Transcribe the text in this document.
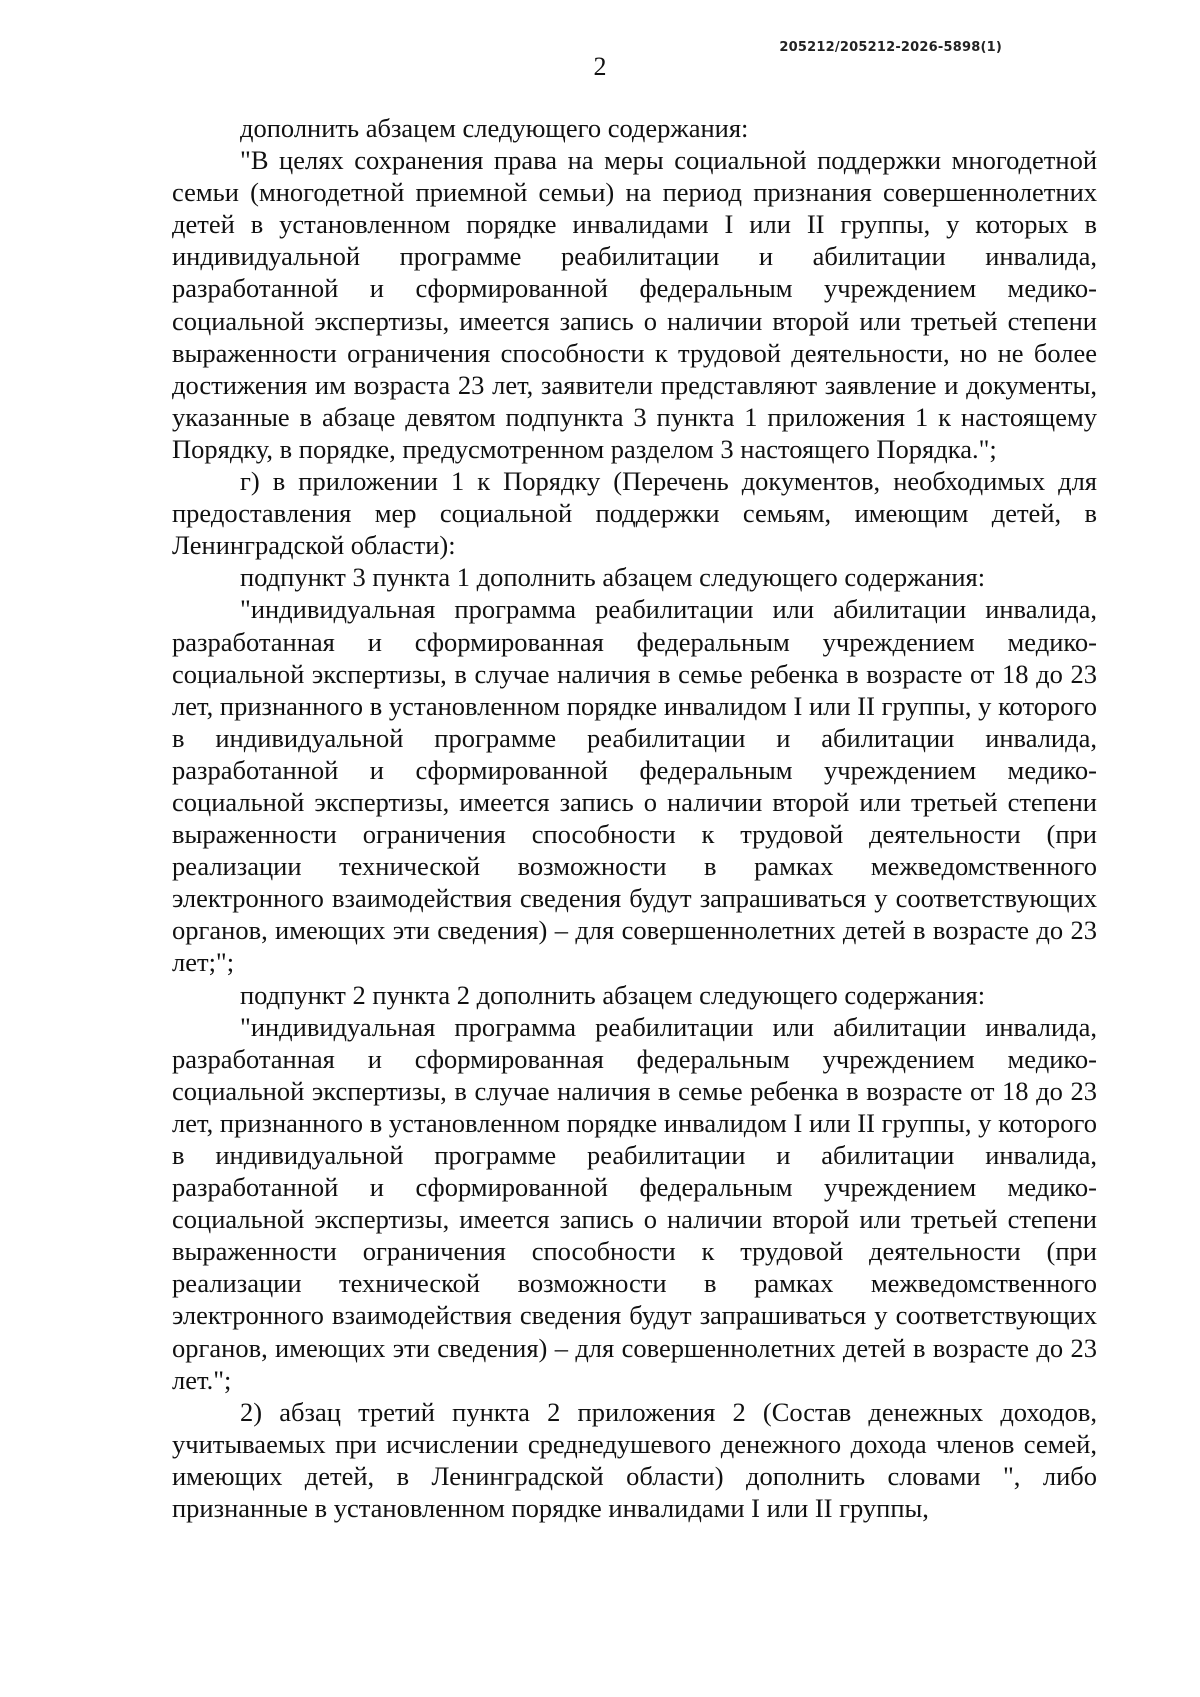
205212/205212-2026-5898(1)
2

дополнить абзацем следующего содержания:

"В целях сохранения права на меры социальной поддержки многодетной семьи (многодетной приемной семьи) на период признания совершеннолетних детей в установленном порядке инвалидами I или II группы, у которых в индивидуальной программе реабилитации и абилитации инвалида, разработанной и сформированной федеральным учреждением медико-социальной экспертизы, имеется запись о наличии второй или третьей степени выраженности ограничения способности к трудовой деятельности, но не более достижения им возраста 23 лет, заявители представляют заявление и документы, указанные в абзаце девятом подпункта 3 пункта 1 приложения 1 к настоящему Порядку, в порядке, предусмотренном разделом 3 настоящего Порядка.";

г) в приложении 1 к Порядку (Перечень документов, необходимых для предоставления мер социальной поддержки семьям, имеющим детей, в Ленинградской области):

подпункт 3 пункта 1 дополнить абзацем следующего содержания:

"индивидуальная программа реабилитации или абилитации инвалида, разработанная и сформированная федеральным учреждением медико-социальной экспертизы, в случае наличия в семье ребенка в возрасте от 18 до 23 лет, признанного в установленном порядке инвалидом I или II группы, у которого в индивидуальной программе реабилитации и абилитации инвалида, разработанной и сформированной федеральным учреждением медико-социальной экспертизы, имеется запись о наличии второй или третьей степени выраженности ограничения способности к трудовой деятельности (при реализации технической возможности в рамках межведомственного электронного взаимодействия сведения будут запрашиваться у соответствующих органов, имеющих эти сведения) – для совершеннолетних детей в возрасте до 23 лет;";

подпункт 2 пункта 2 дополнить абзацем следующего содержания:

"индивидуальная программа реабилитации или абилитации инвалида, разработанная и сформированная федеральным учреждением медико-социальной экспертизы, в случае наличия в семье ребенка в возрасте от 18 до 23 лет, признанного в установленном порядке инвалидом I или II группы, у которого в индивидуальной программе реабилитации и абилитации инвалида, разработанной и сформированной федеральным учреждением медико-социальной экспертизы, имеется запись о наличии второй или третьей степени выраженности ограничения способности к трудовой деятельности (при реализации технической возможности в рамках межведомственного электронного взаимодействия сведения будут запрашиваться у соответствующих органов, имеющих эти сведения) – для совершеннолетних детей в возрасте до 23 лет.";

2) абзац третий пункта 2 приложения 2 (Состав денежных доходов, учитываемых при исчислении среднедушевого денежного дохода членов семей, имеющих детей, в Ленинградской области) дополнить словами ", либо признанные в установленном порядке инвалидами I или II группы,
